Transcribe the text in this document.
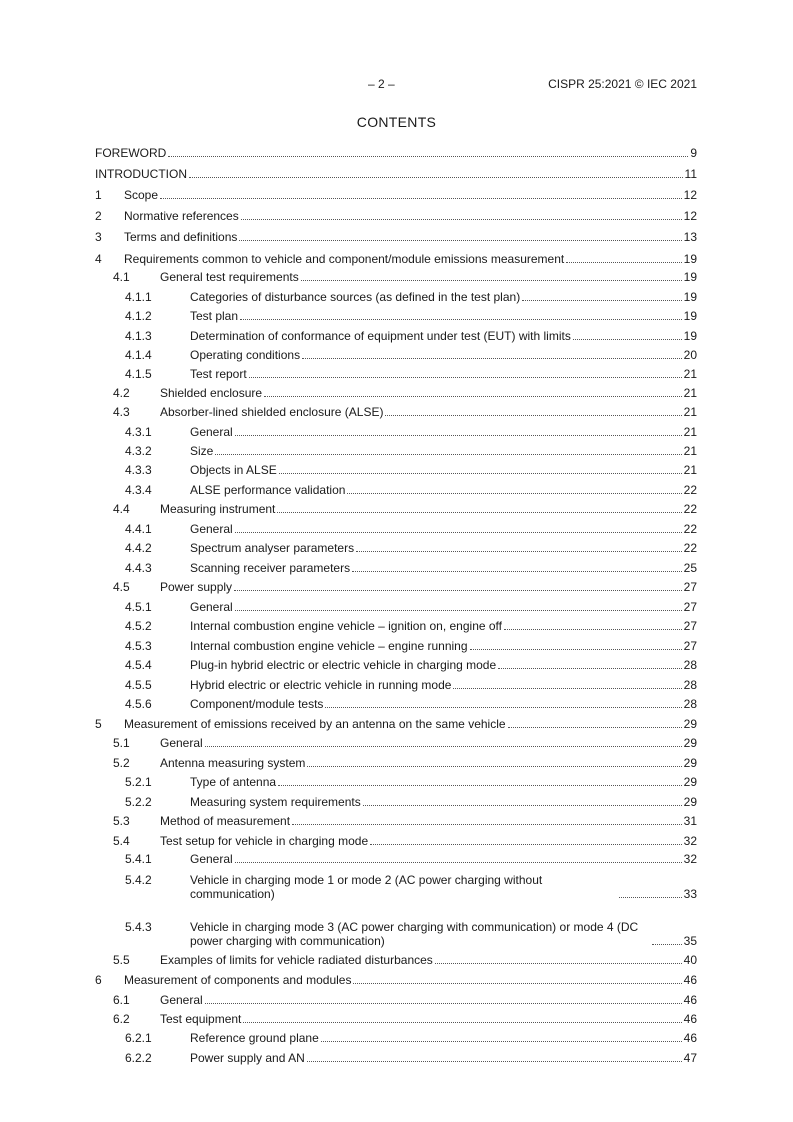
– 2 –	CISPR 25:2021 © IEC 2021
CONTENTS
FOREWORD	9
INTRODUCTION	11
1 Scope	12
2 Normative references	12
3 Terms and definitions	13
4 Requirements common to vehicle and component/module emissions measurement	19
4.1	General test requirements	19
4.1.1	Categories of disturbance sources (as defined in the test plan)	19
4.1.2	Test plan	19
4.1.3	Determination of conformance of equipment under test (EUT) with limits	19
4.1.4	Operating conditions	20
4.1.5	Test report	21
4.2	Shielded enclosure	21
4.3	Absorber-lined shielded enclosure (ALSE)	21
4.3.1	General	21
4.3.2	Size	21
4.3.3	Objects in ALSE	21
4.3.4	ALSE performance validation	22
4.4	Measuring instrument	22
4.4.1	General	22
4.4.2	Spectrum analyser parameters	22
4.4.3	Scanning receiver parameters	25
4.5	Power supply	27
4.5.1	General	27
4.5.2	Internal combustion engine vehicle – ignition on, engine off	27
4.5.3	Internal combustion engine vehicle – engine running	27
4.5.4	Plug-in hybrid electric or electric vehicle in charging mode	28
4.5.5	Hybrid electric or electric vehicle in running mode	28
4.5.6	Component/module tests	28
5 Measurement of emissions received by an antenna on the same vehicle	29
5.1	General	29
5.2	Antenna measuring system	29
5.2.1	Type of antenna	29
5.2.2	Measuring system requirements	29
5.3	Method of measurement	31
5.4	Test setup for vehicle in charging mode	32
5.4.1	General	32
5.4.2	Vehicle in charging mode 1 or mode 2 (AC power charging without communication)	33
5.4.3	Vehicle in charging mode 3 (AC power charging with communication) or mode 4 (DC power charging with communication)	35
5.5	Examples of limits for vehicle radiated disturbances	40
6 Measurement of components and modules	46
6.1	General	46
6.2	Test equipment	46
6.2.1	Reference ground plane	46
6.2.2	Power supply and AN	47
